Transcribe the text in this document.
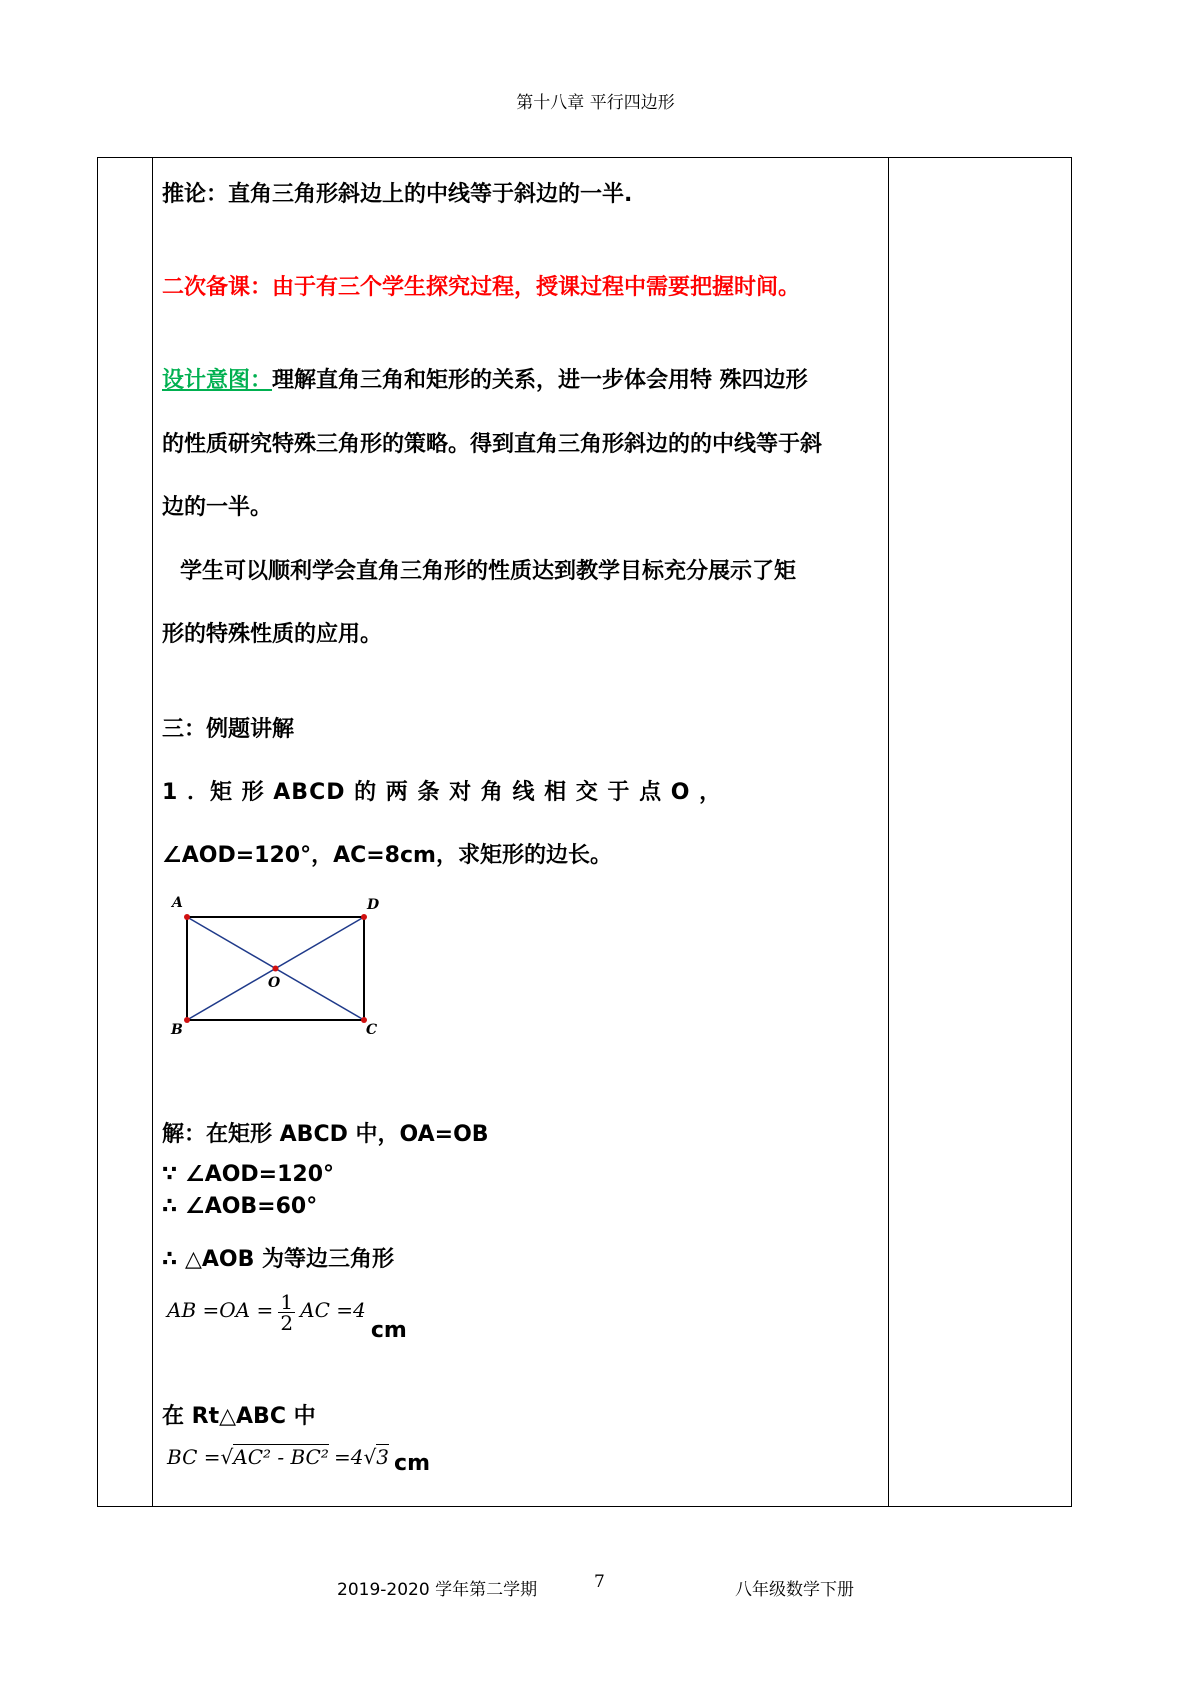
第十八章 平行四边形
推论：直角三角形斜边上的中线等于斜边的一半.
二次备课：由于有三个学生探究过程，授课过程中需要把握时间。
设计意图：理解直角三角和矩形的关系，进一步体会用特 殊四边形
的性质研究特殊三角形的策略。得到直角三角形斜边的的中线等于斜
边的一半。
学生可以顺利学会直角三角形的性质达到教学目标充分展示了矩
形的特殊性质的应用。
三：例题讲解
1 ．矩 形 ABCD 的 两 条 对 角 线 相 交 于 点 O ，
∠AOD=120°，AC=8cm，求矩形的边长。
A	D
O
B	C
解：在矩形 ABCD 中，OA=OB
∵ ∠AOD=120°
∴ ∠AOB=60°
∴ △AOB 为等边三角形
AB $=OA = \frac{1}{2}$ AC =4 cm
在 Rt△ABC 中
BC =√AC² - BC² =4√3 cm
2019-2020 学年第二学期	7	八年级数学下册
